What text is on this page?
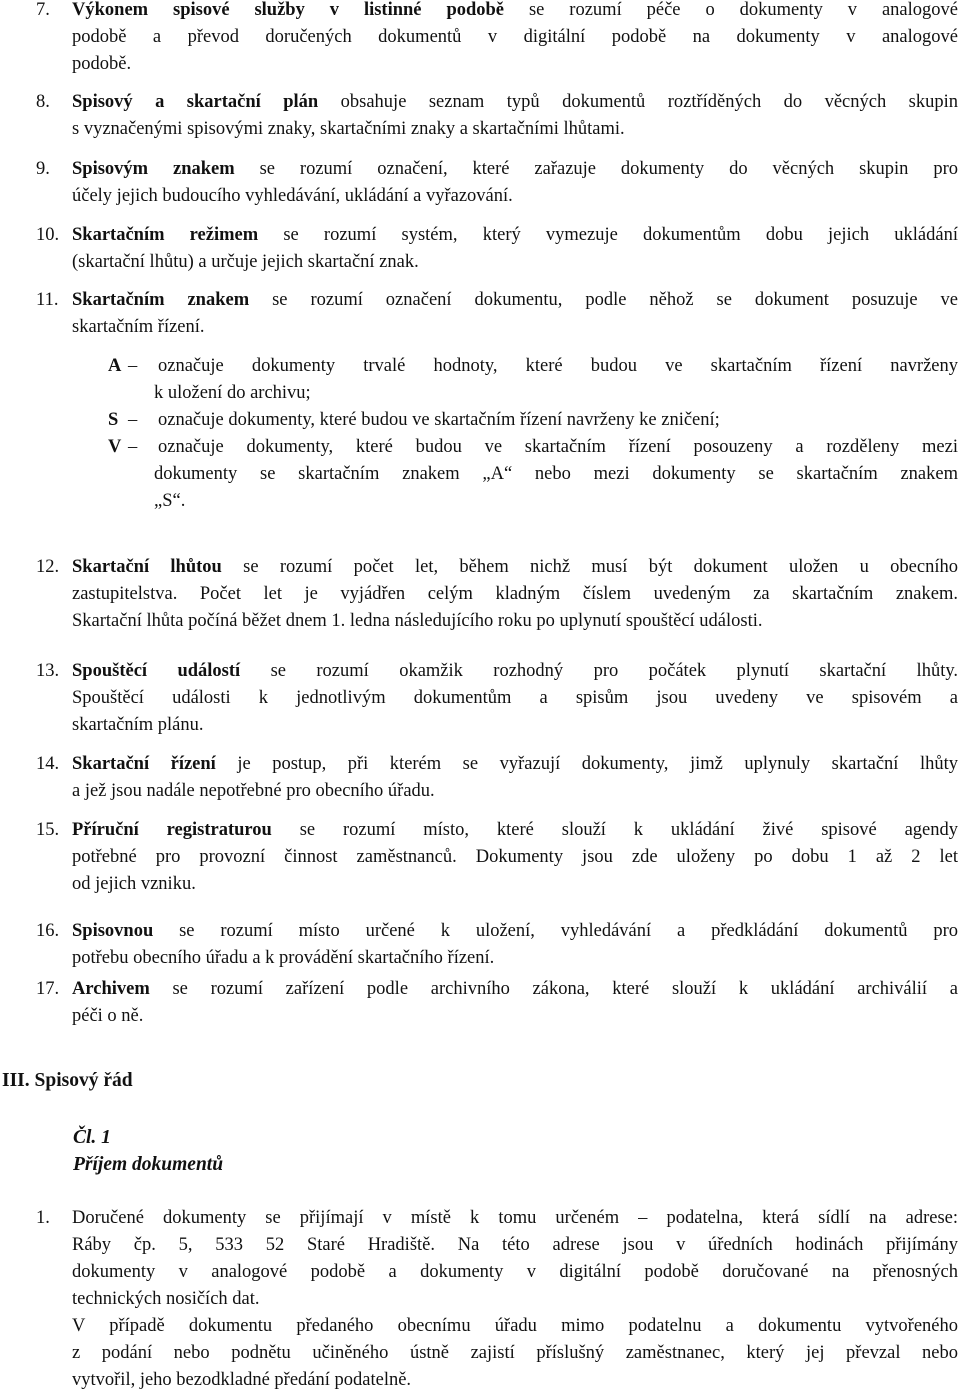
7. Výkonem spisové služby v listinné podobě se rozumí péče o dokumenty v analogové
podobě a převod doručených dokumentů v digitální podobě na dokumenty v analogové
podobě.
8. Spisový a skartační plán obsahuje seznam typů dokumentů roztříděných do věcných skupin
s vyznačenými spisovými znaky, skartačními znaky a skartačními lhůtami.
9. Spisovým znakem se rozumí označení, které zařazuje dokumenty do věcných skupin pro
účely jejich budoucího vyhledávání, ukládání a vyřazování.
10. Skartačním režimem se rozumí systém, který vymezuje dokumentům dobu jejich ukládání
(skartační lhůtu) a určuje jejich skartační znak.
11. Skartačním znakem se rozumí označení dokumentu, podle něhož se dokument posuzuje ve
skartačním řízení.
A – označuje dokumenty trvalé hodnoty, které budou ve skartačním řízení navrženy
k uložení do archivu;
S – označuje dokumenty, které budou ve skartačním řízení navrženy ke zničení;
V – označuje dokumenty, které budou ve skartačním řízení posouzeny a rozděleny mezi
dokumenty se skartačním znakem „A“ nebo mezi dokumenty se skartačním znakem
„S“.
12. Skartační lhůtou se rozumí počet let, během nichž musí být dokument uložen u obecního
zastupitelstva. Počet let je vyjádřen celým kladným číslem uvedeným za skartačním znakem.
Skartační lhůta počíná běžet dnem 1. ledna následujícího roku po uplynutí spouštěcí události.
13. Spouštěcí událostí se rozumí okamžik rozhodný pro počátek plynutí skartační lhůty.
Spouštěcí události k jednotlivým dokumentům a spisům jsou uvedeny ve spisovém a
skartačním plánu.
14. Skartační řízení je postup, při kterém se vyřazují dokumenty, jimž uplynuly skartační lhůty
a jež jsou nadále nepotřebné pro obecního úřadu.
15. Příruční registraturou se rozumí místo, které slouží k ukládání živé spisové agendy
potřebné pro provozní činnost zaměstnanců. Dokumenty jsou zde uloženy po dobu 1 až 2 let
od jejich vzniku.
16. Spisovnou se rozumí místo určené k uložení, vyhledávání a předkládání dokumentů pro
potřebu obecního úřadu a k provádění skartačního řízení.
17. Archivem se rozumí zařízení podle archivního zákona, které slouží k ukládání archiválií a
péči o ně.
III. Spisový řád
Čl. 1
Příjem dokumentů
1. Doručené dokumenty se přijímají v místě k tomu určeném – podatelna, která sídlí na adrese:
Ráby čp. 5, 533 52 Staré Hradiště. Na této adrese jsou v úředních hodinách přijímány
dokumenty v analogové podobě a dokumenty v digitální podobě doručované na přenosných
technických nosičích dat.
V případě dokumentu předaného obecnímu úřadu mimo podatelnu a dokumentu vytvořeného
z podání nebo podnětu učiněného ústně zajistí příslušný zaměstnanec, který jej převzal nebo
vytvořil, jeho bezodkladné předání podatelně.
